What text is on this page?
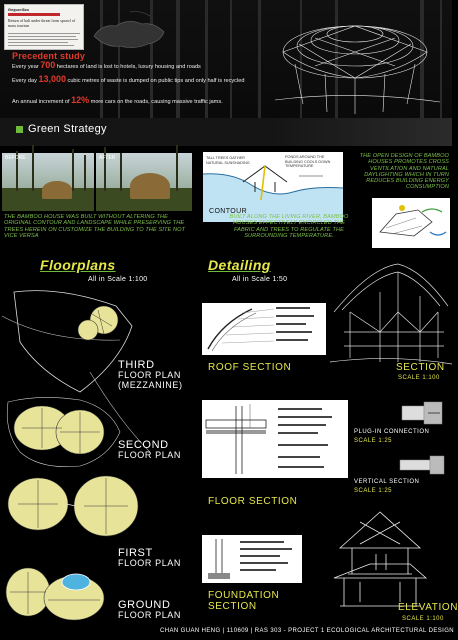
theguardian
Return of bali under threat from sprawl of mass tourism
Precedent study
Every year 700 hectares of land is lost to hotels, luxury housing and roads
Every day 13,000 cubic metres of waste is dumped on public tips and only half is recycled
An annual increment of 12% more cars on the roads, causing massive traffic jams.
Green Strategy
BEFORE	AFTER
THE BAMBOO HOUSE WAS BUILT WITHOUT ALTERING THE ORIGINAL CONTOUR AND LANDSCAPE WHILE PRESERVING THE TREES HEREIN ON CUSTOMIZE THE BUILDING TO THE SITE NOT VICE VERSA
TALL TREES GATHER NATURAL SUNSHADING
PONDS AROUND THE BUILDING COOLS DOWN TEMPERATURE
CONTOUR
BUILT ALONG THE LIVING RIVER, BAMBOO HOUSES EFFECTIVELY ENCIRCLED THE FABRIC AND TREES TO REGULATE THE SURROUNDING TEMPERATURE.
THE OPEN DESIGN OF BAMBOO HOUSES PROMOTES CROSS VENTILATION AND NATURAL DAYLIGHTING WHICH IN TURN REDUCES BUILDING ENERGY CONSUMPTION
Floorplans
All in Scale 1:100
THIRD
FLOOR PLAN
(MEZZANINE)
SECOND
FLOOR PLAN
FIRST
FLOOR PLAN
GROUND
FLOOR PLAN
Detailing
All in Scale 1:50
ROOF SECTION
FLOOR SECTION
FOUNDATION
SECTION
SECTION
SCALE 1:100
PLUG-IN CONNECTION
SCALE 1:25
VERTICAL SECTION
SCALE 1:25
ELEVATION
SCALE 1:100
CHAN GUAN HENG | 110609 | RAS 303 - PROJECT 1 ECOLOGICAL ARCHITECTURAL DESIGN
